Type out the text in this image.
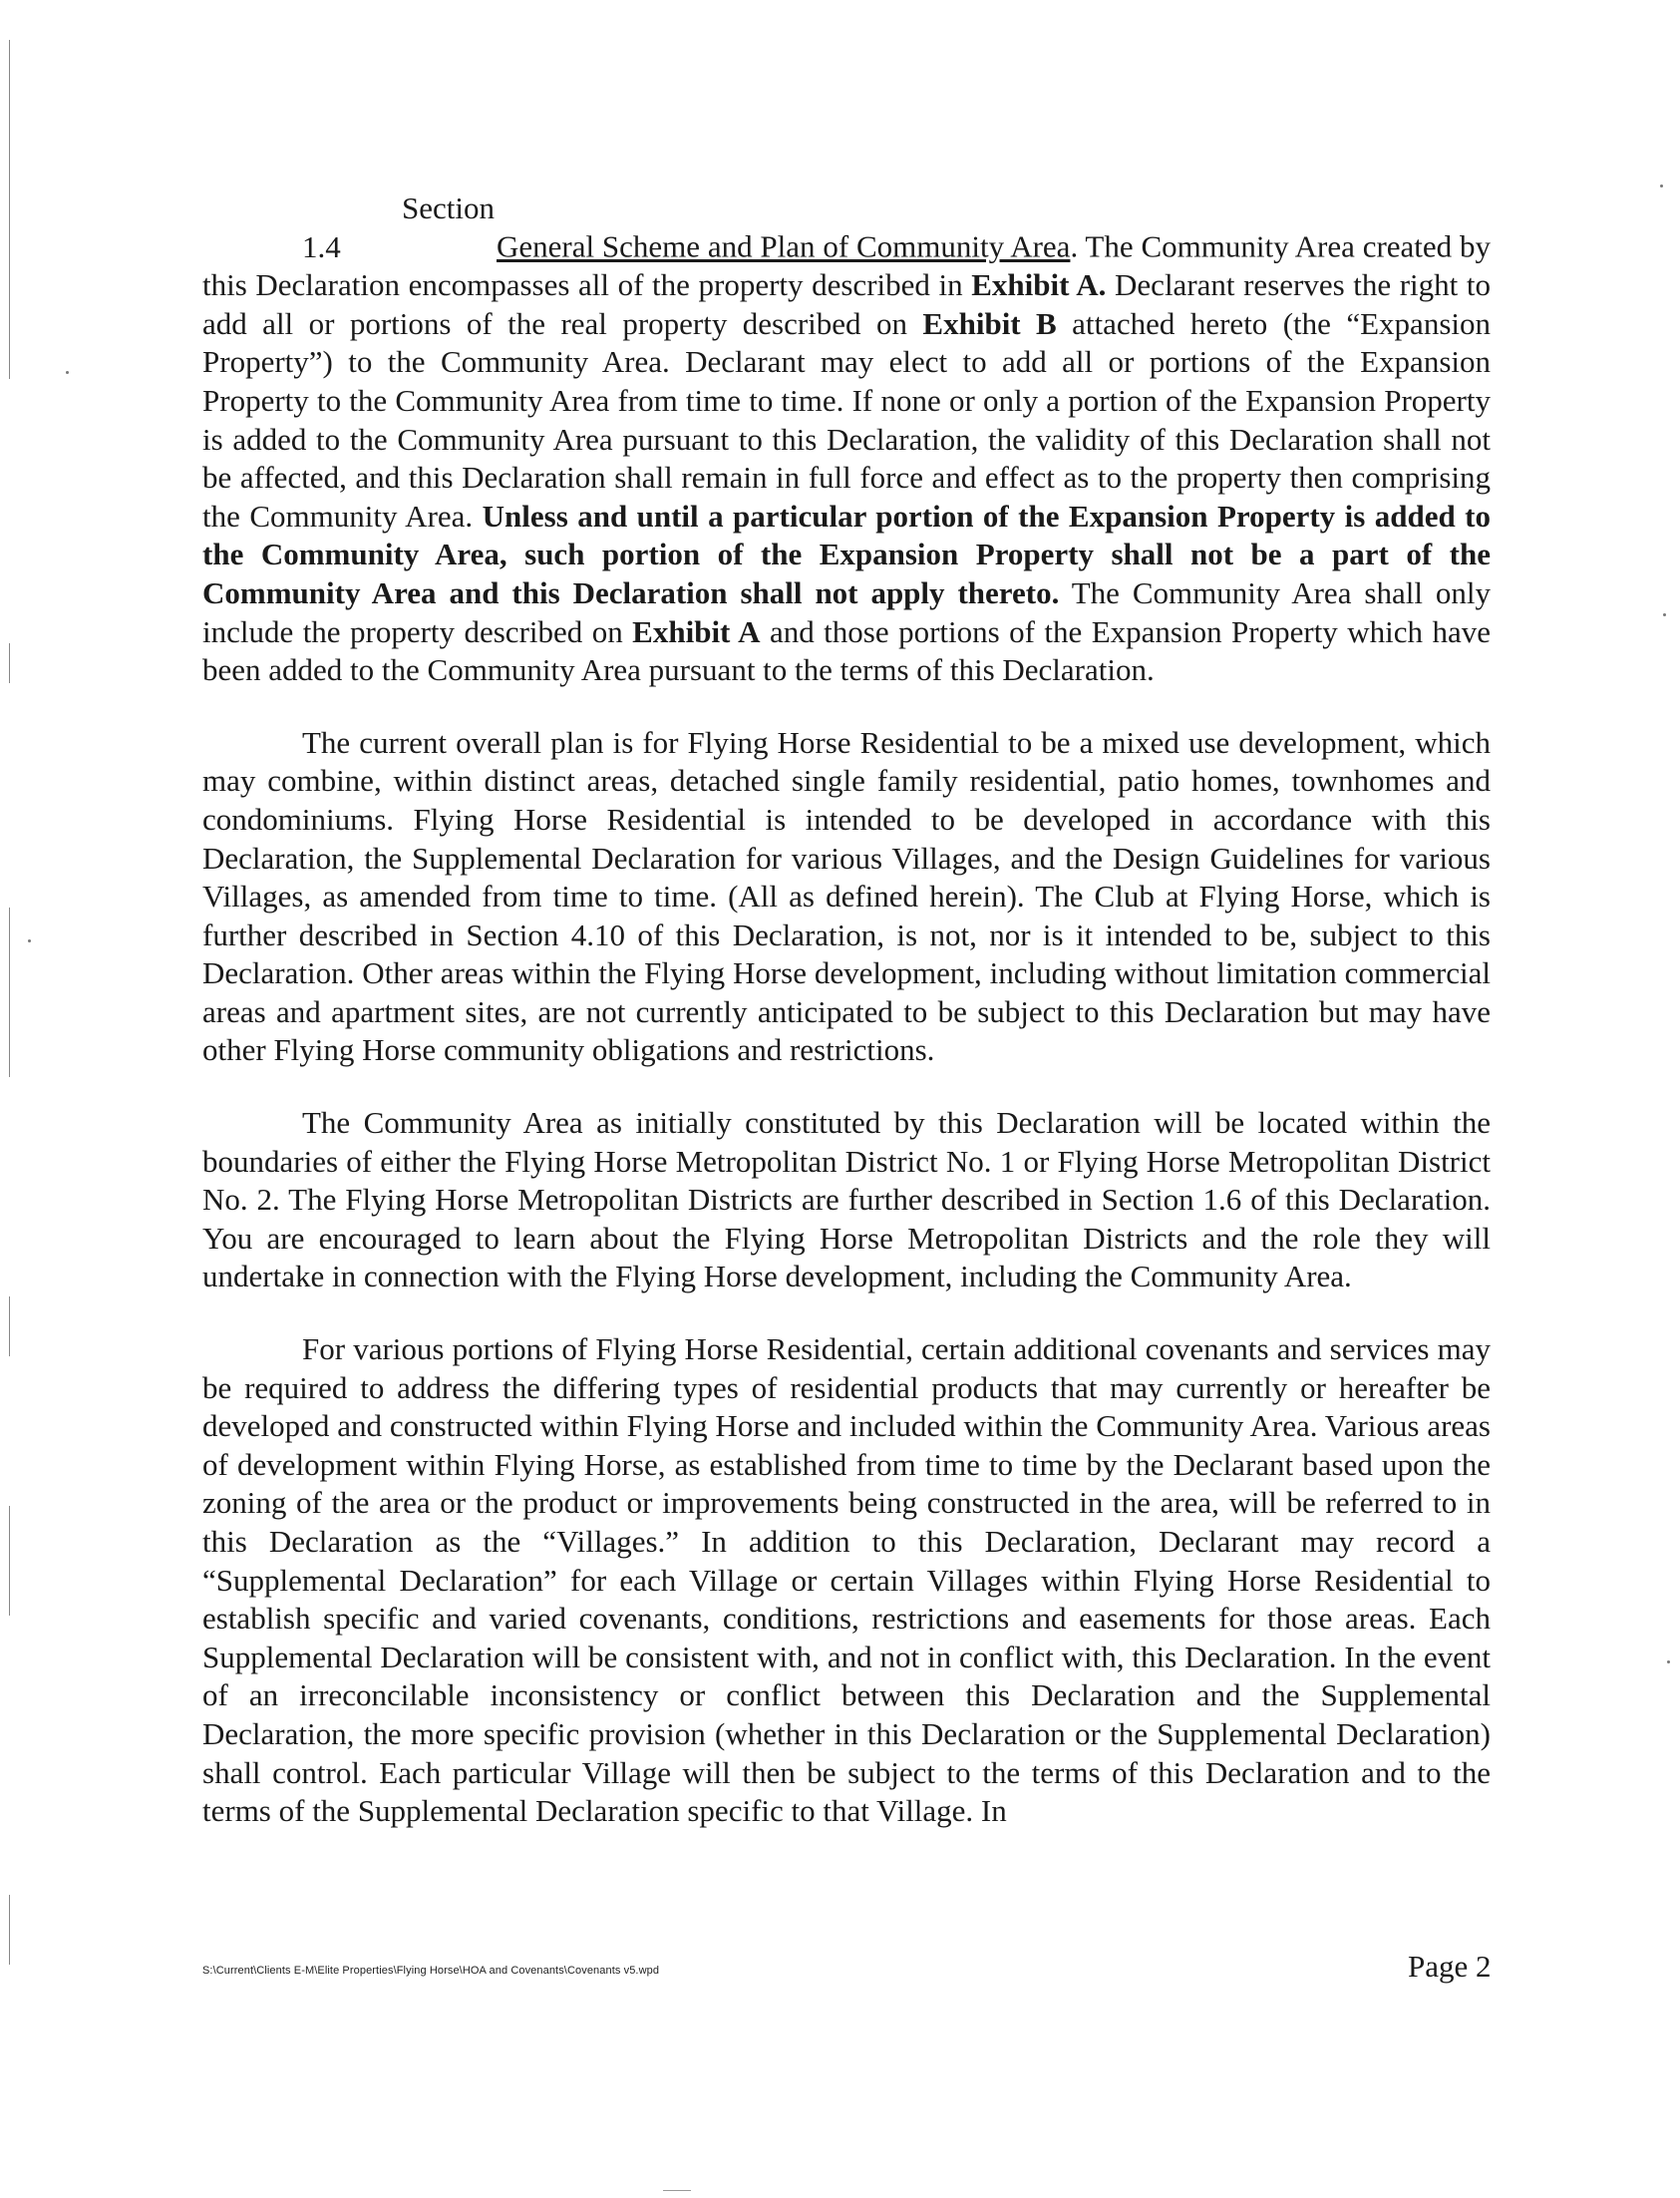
Section 1.4	General Scheme and Plan of Community Area. The Community Area created by this Declaration encompasses all of the property described in Exhibit A. Declarant reserves the right to add all or portions of the real property described on Exhibit B attached hereto (the “Expansion Property”) to the Community Area. Declarant may elect to add all or portions of the Expansion Property to the Community Area from time to time. If none or only a portion of the Expansion Property is added to the Community Area pursuant to this Declaration, the validity of this Declaration shall not be affected, and this Declaration shall remain in full force and effect as to the property then comprising the Community Area. Unless and until a particular portion of the Expansion Property is added to the Community Area, such portion of the Expansion Property shall not be a part of the Community Area and this Declaration shall not apply thereto. The Community Area shall only include the property described on Exhibit A and those portions of the Expansion Property which have been added to the Community Area pursuant to the terms of this Declaration.

The current overall plan is for Flying Horse Residential to be a mixed use development, which may combine, within distinct areas, detached single family residential, patio homes, townhomes and condominiums. Flying Horse Residential is intended to be developed in accordance with this Declaration, the Supplemental Declaration for various Villages, and the Design Guidelines for various Villages, as amended from time to time. (All as defined herein). The Club at Flying Horse, which is further described in Section 4.10 of this Declaration, is not, nor is it intended to be, subject to this Declaration. Other areas within the Flying Horse development, including without limitation commercial areas and apartment sites, are not currently anticipated to be subject to this Declaration but may have other Flying Horse community obligations and restrictions.

The Community Area as initially constituted by this Declaration will be located within the boundaries of either the Flying Horse Metropolitan District No. 1 or Flying Horse Metropolitan District No. 2. The Flying Horse Metropolitan Districts are further described in Section 1.6 of this Declaration. You are encouraged to learn about the Flying Horse Metropolitan Districts and the role they will undertake in connection with the Flying Horse development, including the Community Area.

For various portions of Flying Horse Residential, certain additional covenants and services may be required to address the differing types of residential products that may currently or hereafter be developed and constructed within Flying Horse and included within the Community Area. Various areas of development within Flying Horse, as established from time to time by the Declarant based upon the zoning of the area or the product or improvements being constructed in the area, will be referred to in this Declaration as the “Villages.” In addition to this Declaration, Declarant may record a “Supplemental Declaration” for each Village or certain Villages within Flying Horse Residential to establish specific and varied covenants, conditions, restrictions and easements for those areas. Each Supplemental Declaration will be consistent with, and not in conflict with, this Declaration. In the event of an irreconcilable inconsistency or conflict between this Declaration and the Supplemental Declaration, the more specific provision (whether in this Declaration or the Supplemental Declaration) shall control. Each particular Village will then be subject to the terms of this Declaration and to the terms of the Supplemental Declaration specific to that Village. In

S:\Current\Clients E-M\Elite Properties\Flying Horse\HOA and Covenants\Covenants v5.wpd	Page 2
